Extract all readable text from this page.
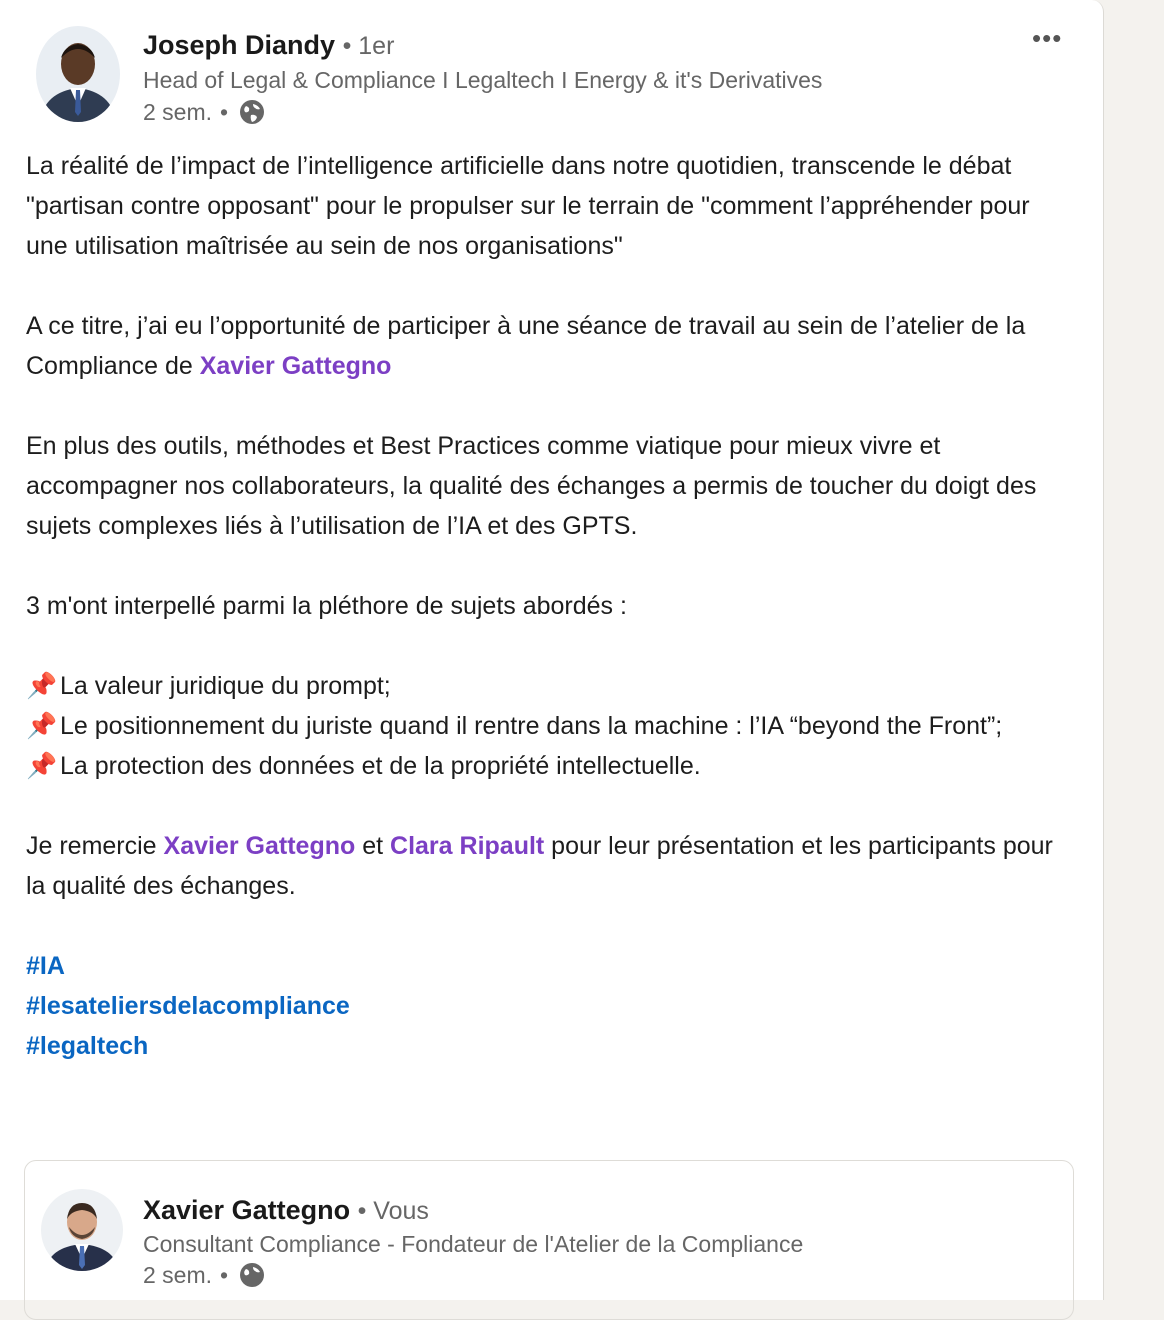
Joseph Diandy • 1er
Head of Legal & Compliance I Legaltech I Energy & it's Derivatives
2 sem. •
•••

La réalité de l’impact de l’intelligence artificielle dans notre quotidien, transcende le débat "partisan contre opposant" pour le propulser sur le terrain de "comment l’appréhender pour une utilisation maîtrisée au sein de nos organisations"

A ce titre, j’ai eu l’opportunité de participer à une séance de travail au sein de l’atelier de la Compliance de Xavier Gattegno

En plus des outils, méthodes et Best Practices comme viatique pour mieux vivre et accompagner nos collaborateurs, la qualité des échanges a permis de toucher du doigt des sujets complexes liés à l’utilisation de l’IA et des GPTS.

3 m'ont interpellé parmi la pléthore de sujets abordés :

📌 La valeur juridique du prompt;

📌 Le positionnement du juriste quand il rentre dans la machine : l’IA “beyond the Front”;

📌 La protection des données et de la propriété intellectuelle.

Je remercie Xavier Gattegno et Clara Ripault pour leur présentation et les participants pour la qualité des échanges.

#IA
#lesateliersdelacompliance
#legaltech
Xavier Gattegno • Vous
Consultant Compliance - Fondateur de l'Atelier de la Compliance
2 sem. •
